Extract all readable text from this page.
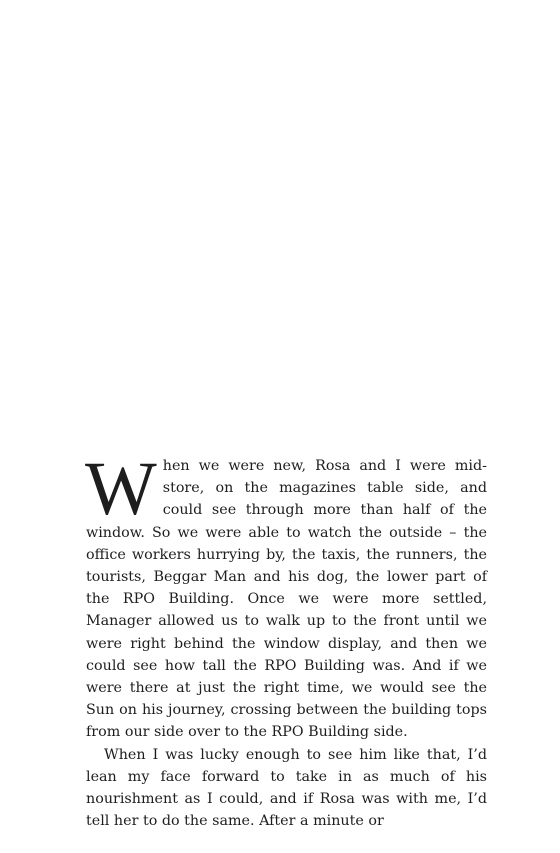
When we were new, Rosa and I were mid-store, on the magazines table side, and could see through more than half of the window. So we were able to watch the outside – the office workers hurrying by, the taxis, the runners, the tourists, Beggar Man and his dog, the lower part of the RPO Building. Once we were more settled, Manager allowed us to walk up to the front until we were right behind the window display, and then we could see how tall the RPO Building was. And if we were there at just the right time, we would see the Sun on his journey, crossing between the building tops from our side over to the RPO Building side.

When I was lucky enough to see him like that, I’d lean my face forward to take in as much of his nourishment as I could, and if Rosa was with me, I’d tell her to do the same. After a minute or
